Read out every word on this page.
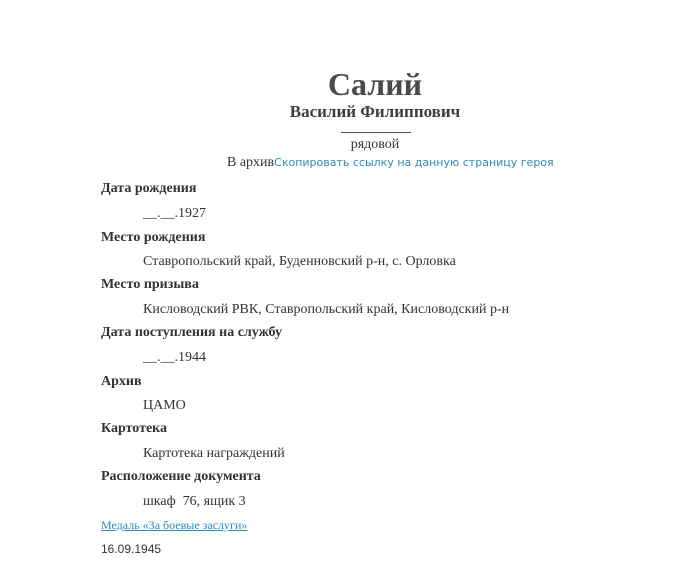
Салий
Василий Филиппович
рядовой
В архивСкопировать ссылку на данную страницу героя
Дата рождения
__.__.1927
Место рождения
Ставропольский край, Буденновский р-н, с. Орловка
Место призыва
Кисловодский РВК, Ставропольский край, Кисловодский р-н
Дата поступления на службу
__.__.1944
Архив
ЦАМО
Картотека
Картотека награждений
Расположение документа
шкаф  76, ящик 3
Медаль «За боевые заслуги»
16.09.1945
